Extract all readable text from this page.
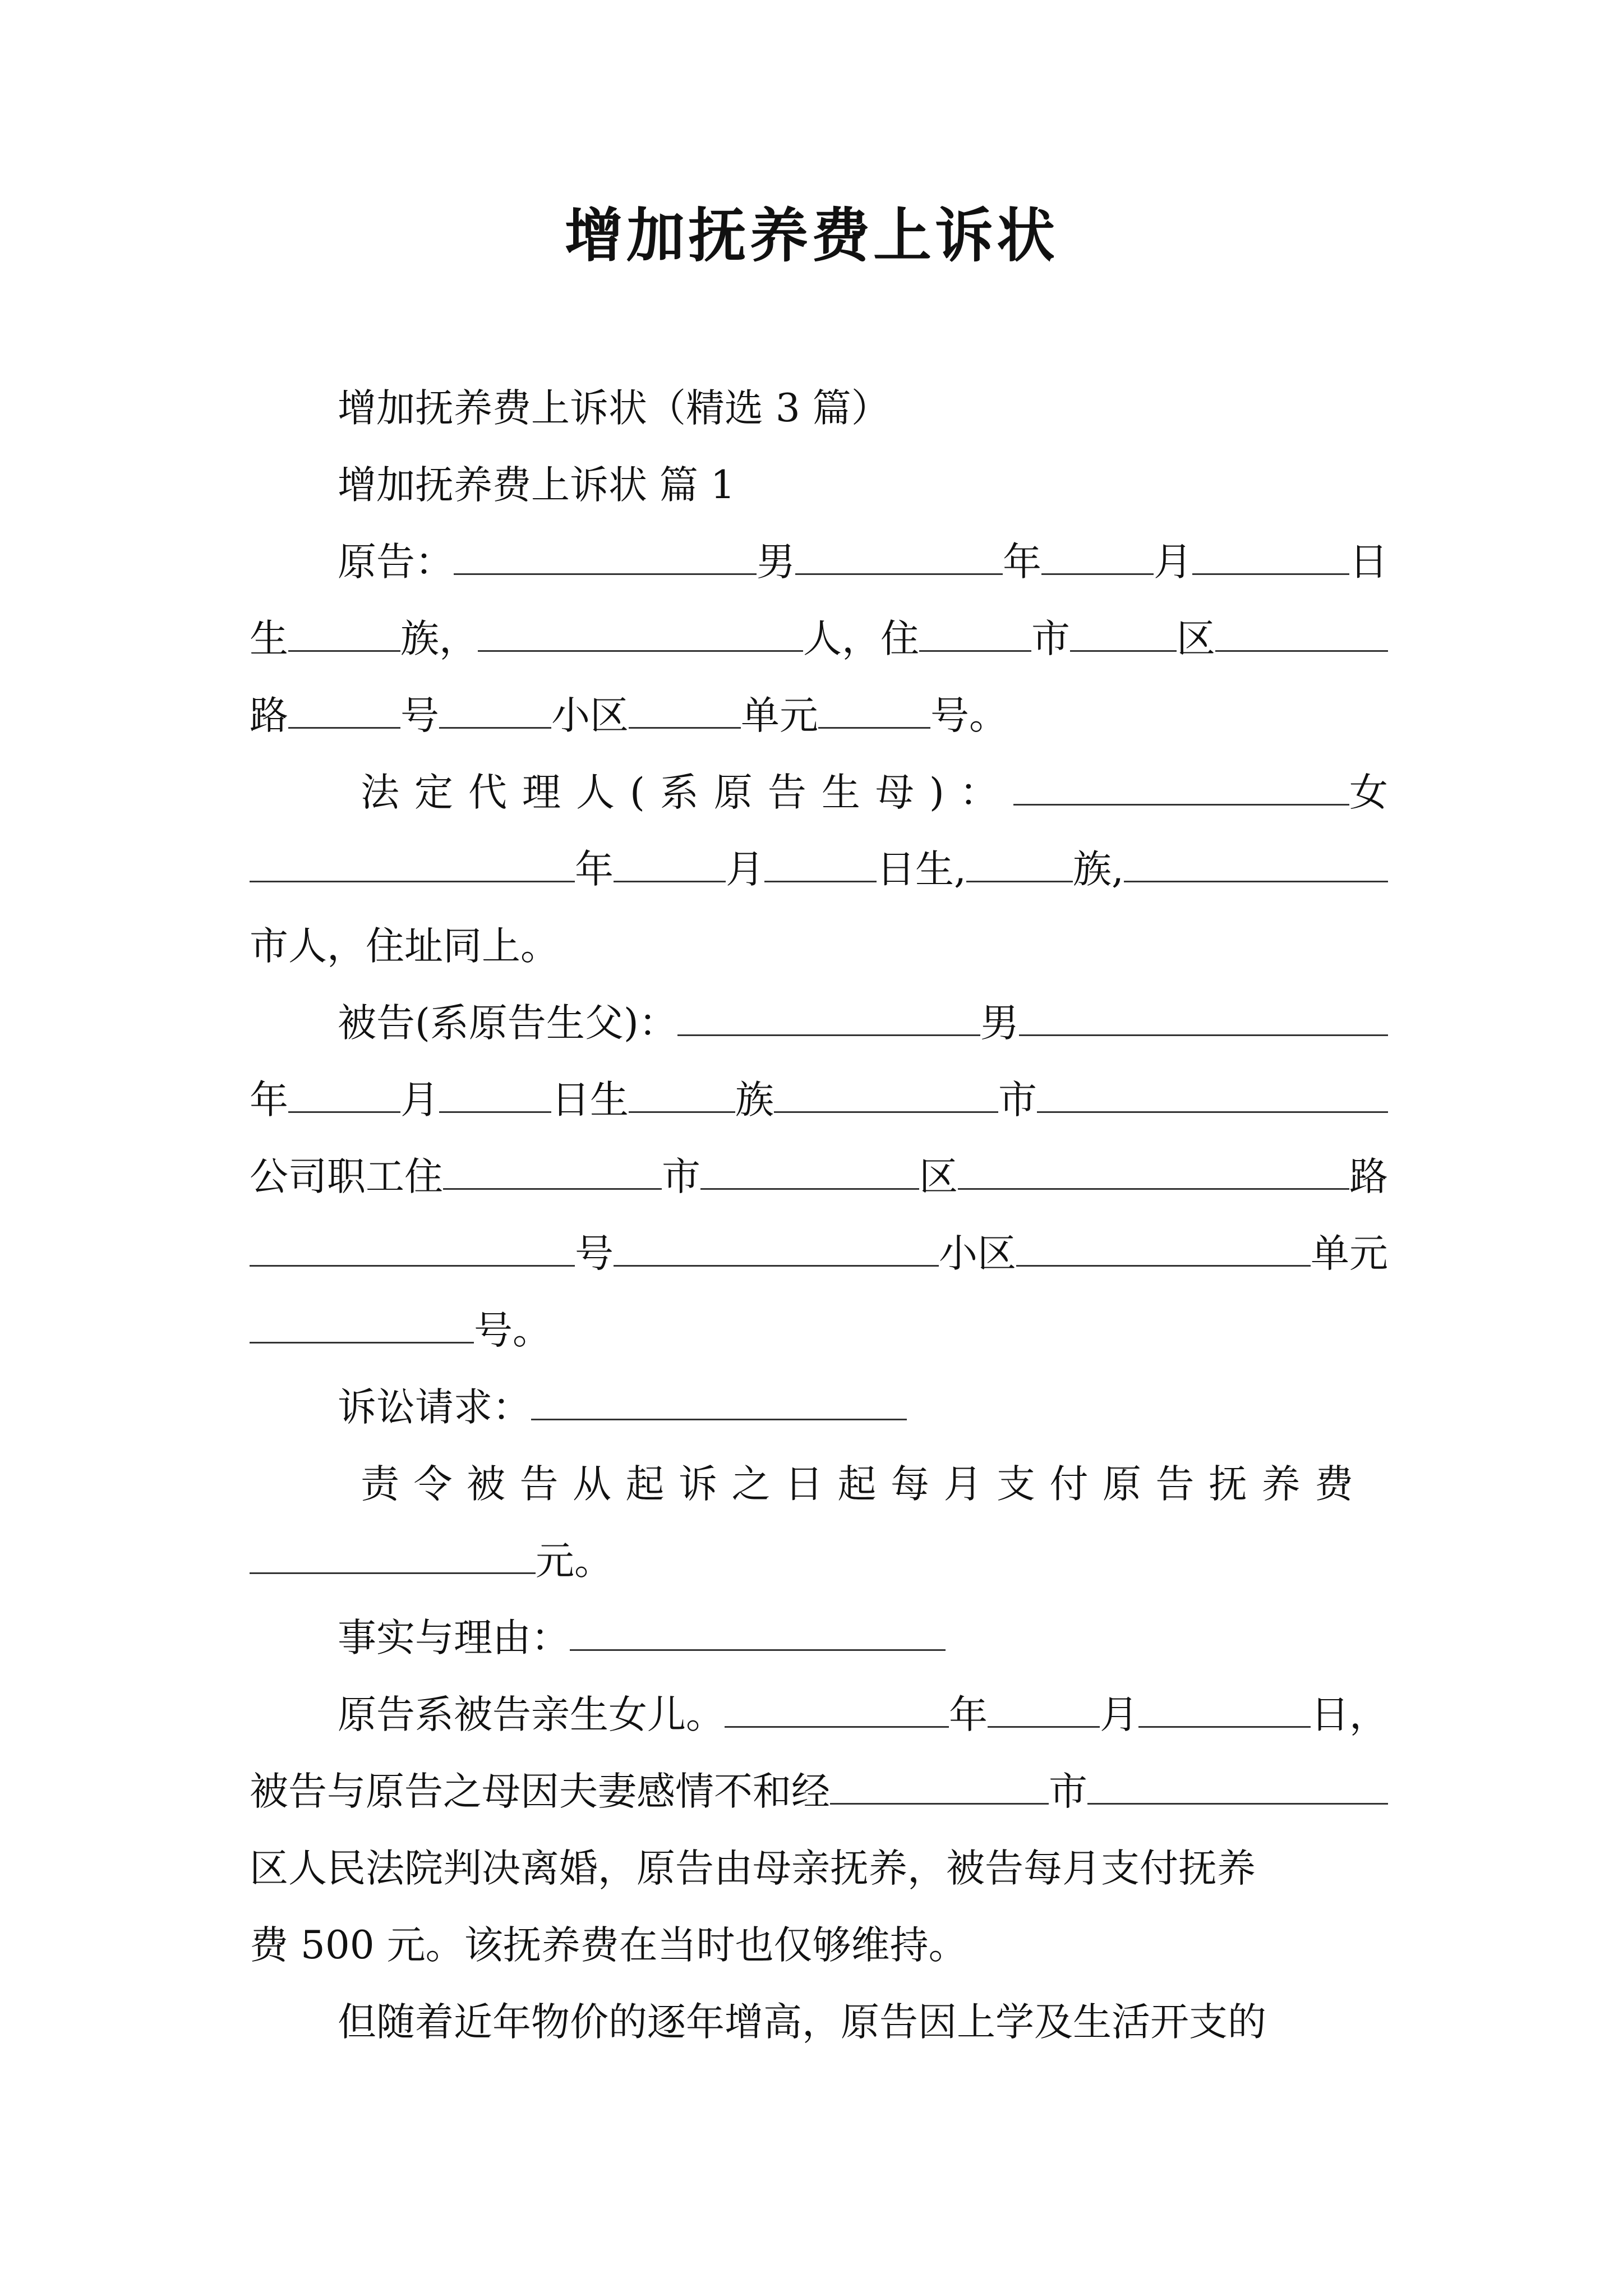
增加抚养费上诉状
增加抚养费上诉状（精选 3 篇）
增加抚养费上诉状 篇 1
原告：	男	年	月	日
生	族，	人，住	市	区
路	号	小区	单元	号。
法定代理人(系原告生母)：	女
年	月	日生,	族,
市人，住址同上。
被告(系原告生父)：	男
年	月	日生	族	市
公司职工住	市	区	路
号	小区	单元
号。
诉讼请求：
责令被告从起诉之日起每月支付原告抚养费
元。
事实与理由：
原告系被告亲生女儿。	年	月	日，
被告与原告之母因夫妻感情不和经	市
区人民法院判决离婚，原告由母亲抚养，被告每月支付抚养
费 500 元。该抚养费在当时也仅够维持。
但随着近年物价的逐年增高，原告因上学及生活开支的
